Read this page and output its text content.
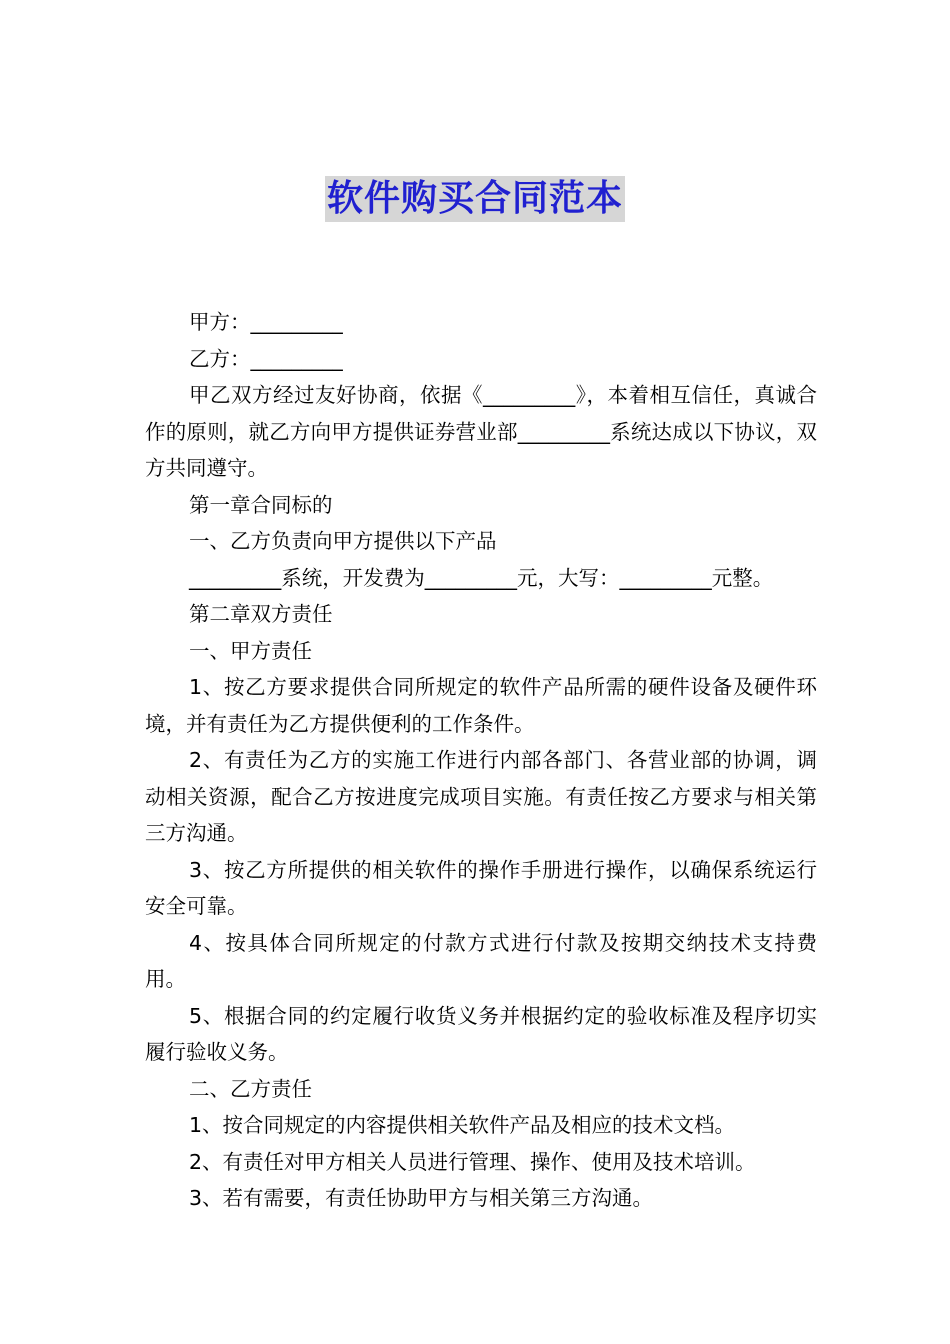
软件购买合同范本

甲方：_________

乙方：_________

甲乙双方经过友好协商，依据《_________》，本着相互信任，真诚合作的原则，就乙方向甲方提供证券营业部_________系统达成以下协议，双方共同遵守。

第一章合同标的

一、乙方负责向甲方提供以下产品

_________系统，开发费为_________元，大写：_________元整。

第二章双方责任

一、甲方责任

1、按乙方要求提供合同所规定的软件产品所需的硬件设备及硬件环境，并有责任为乙方提供便利的工作条件。

2、有责任为乙方的实施工作进行内部各部门、各营业部的协调，调动相关资源，配合乙方按进度完成项目实施。有责任按乙方要求与相关第三方沟通。

3、按乙方所提供的相关软件的操作手册进行操作，以确保系统运行安全可靠。

4、按具体合同所规定的付款方式进行付款及按期交纳技术支持费用。

5、根据合同的约定履行收货义务并根据约定的验收标准及程序切实履行验收义务。

二、乙方责任

1、按合同规定的内容提供相关软件产品及相应的技术文档。

2、有责任对甲方相关人员进行管理、操作、使用及技术培训。

3、若有需要，有责任协助甲方与相关第三方沟通。
